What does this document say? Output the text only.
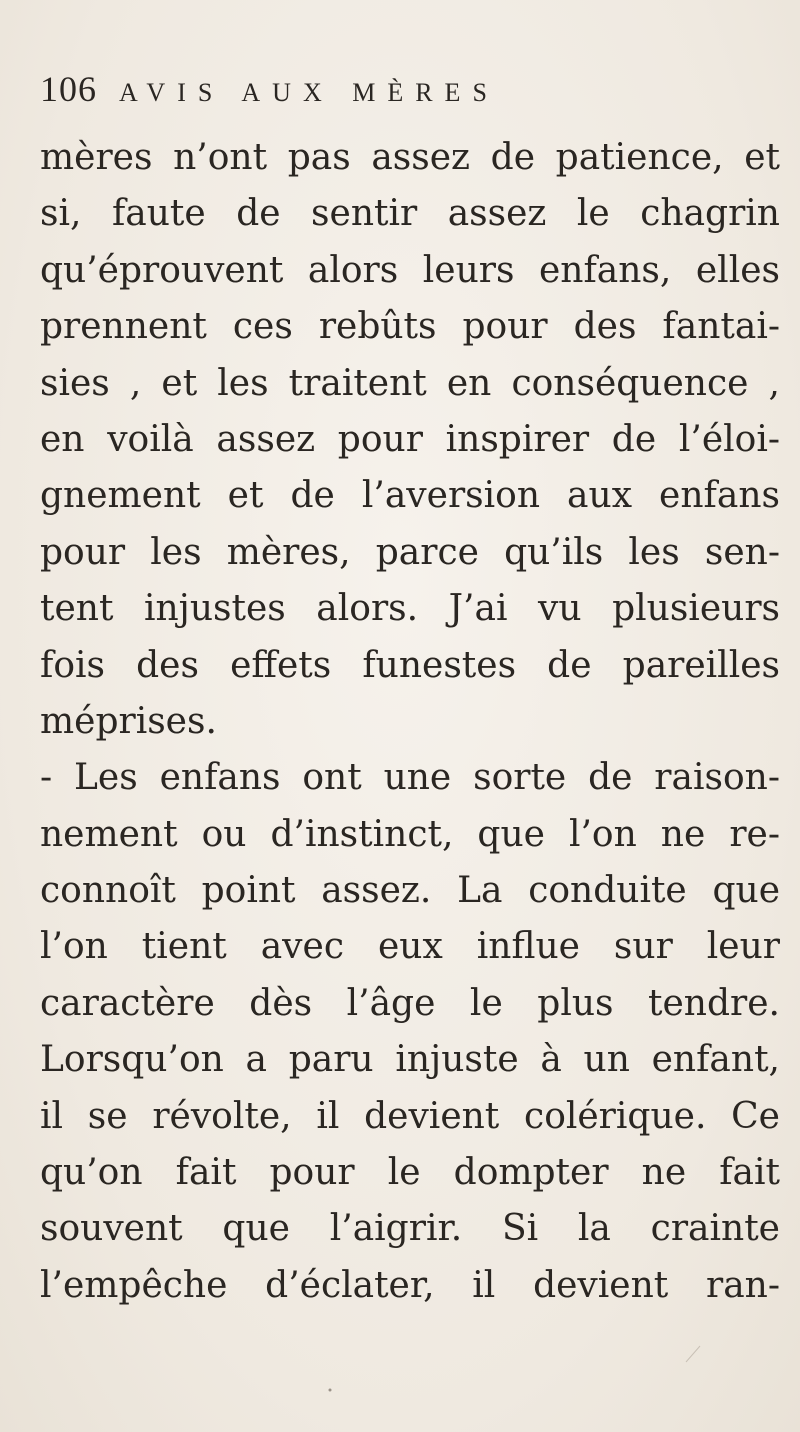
106 AVIS AUX MÈRES
mères n’ont pas assez de patience, et
si, faute de sentir assez le chagrin
qu’éprouvent alors leurs enfans, elles
prennent ces rebûts pour des fantai-
sies , et les traitent en conséquence ,
en voilà assez pour inspirer de l’éloi-
gnement et de l’aversion aux enfans
pour les mères, parce qu’ils les sen-
tent injustes alors. J’ai vu plusieurs
fois des effets funestes de pareilles
méprises.
- Les enfans ont une sorte de raison-
nement ou d’instinct, que l’on ne re-
connoît point assez. La conduite que
l’on tient avec eux influe sur leur
caractère dès l’âge le plus tendre.
Lorsqu’on a paru injuste à un enfant,
il se révolte, il devient colérique. Ce
qu’on fait pour le dompter ne fait
souvent que l’aigrir. Si la crainte
l’empêche d’éclater, il devient ran-
